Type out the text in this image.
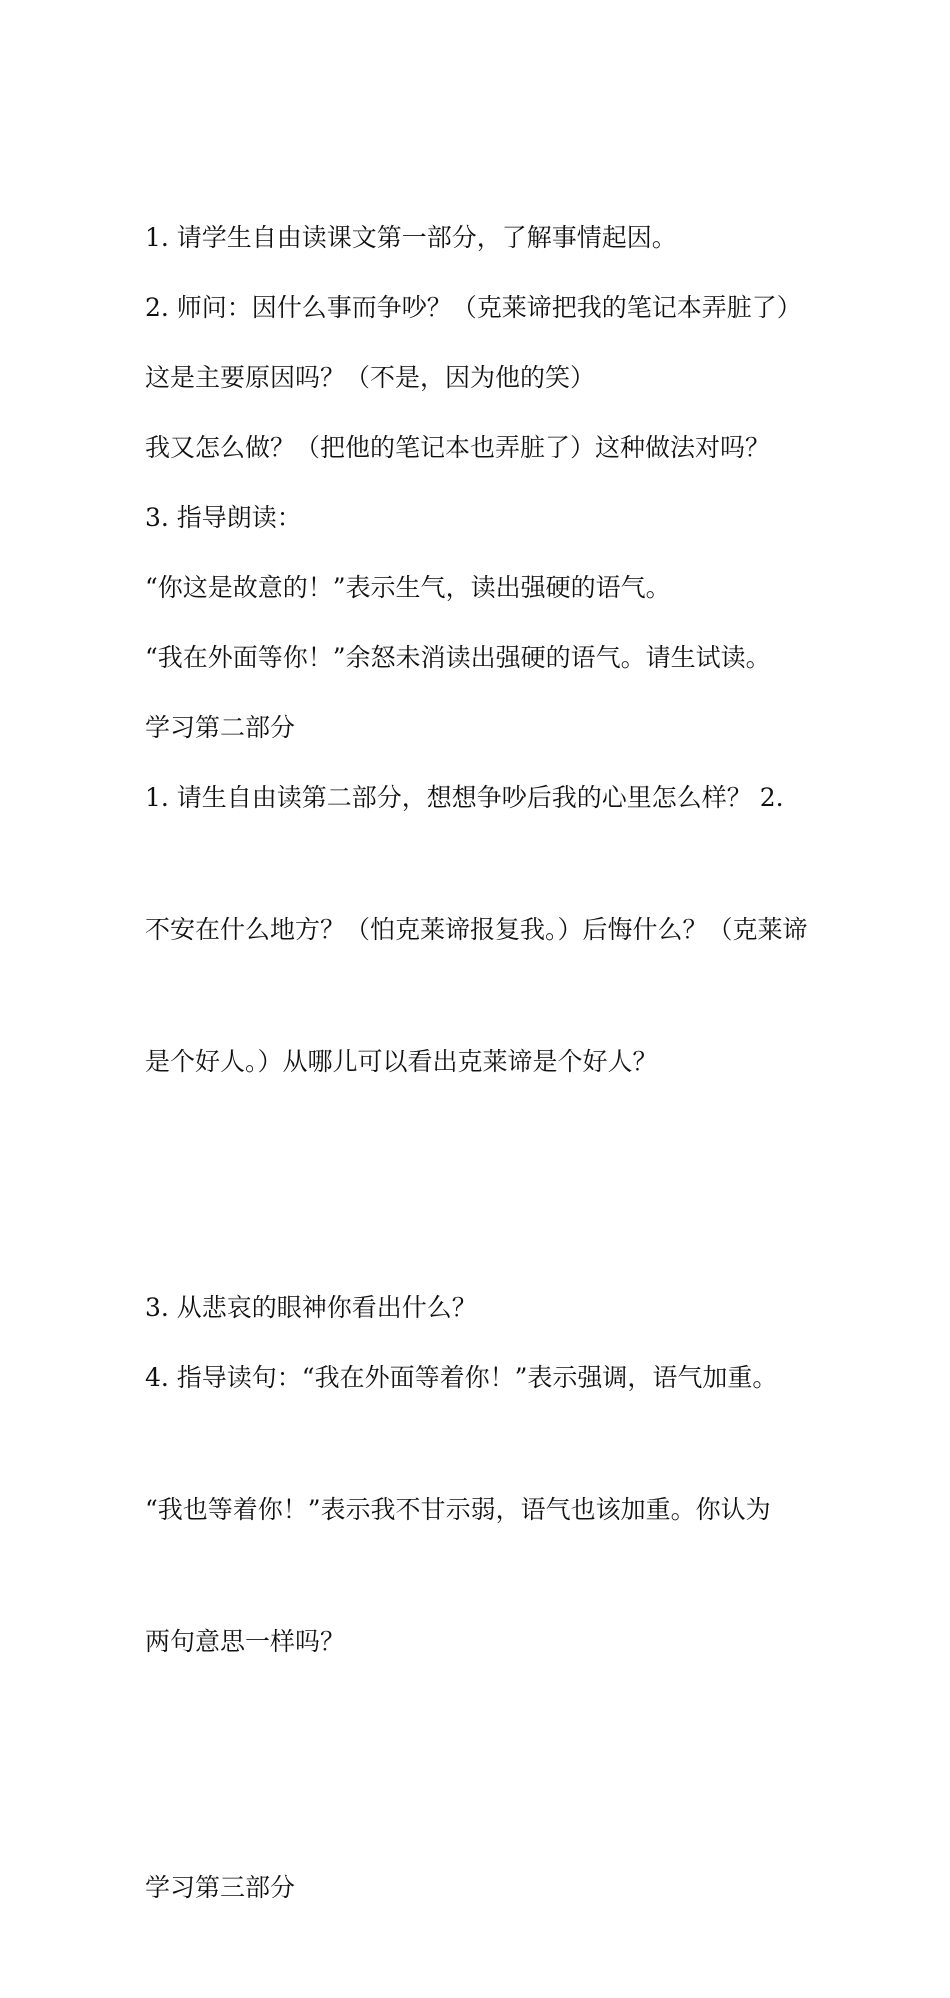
1. 请学生自由读课文第一部分，了解事情起因。

2. 师问：因什么事而争吵？（克莱谛把我的笔记本弄脏了）

这是主要原因吗？（不是，因为他的笑）

我又怎么做？（把他的笔记本也弄脏了）这种做法对吗？

3. 指导朗读：

“你这是故意的！”表示生气，读出强硬的语气。

“我在外面等你！”余怒未消读出强硬的语气。请生试读。

学习第二部分

1. 请生自由读第二部分，想想争吵后我的心里怎么样？ 2.

不安在什么地方？（怕克莱谛报复我。）后悔什么？（克莱谛

是个好人。）从哪儿可以看出克莱谛是个好人？

3. 从悲哀的眼神你看出什么？

4. 指导读句：“我在外面等着你！”表示强调，语气加重。

“我也等着你！”表示我不甘示弱，语气也该加重。你认为

两句意思一样吗？

学习第三部分
